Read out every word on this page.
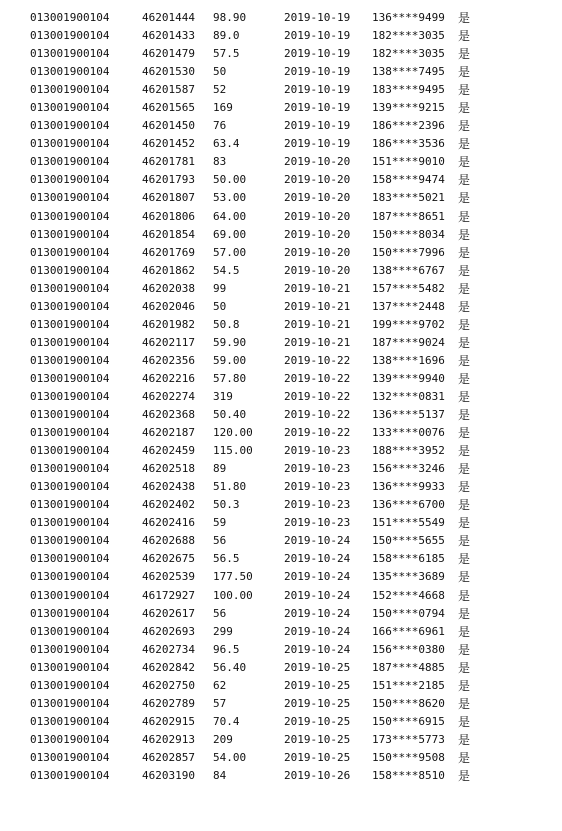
013001900104	46201444 98.90	2019-10-19 136****9499 是
013001900104	46201433 89.0	2019-10-19 182****3035 是
013001900104	46201479 57.5	2019-10-19 182****3035 是
013001900104	46201530 50	2019-10-19 138****7495 是
013001900104	46201587 52	2019-10-19 183****9495 是
013001900104	46201565 169	2019-10-19 139****9215 是
013001900104	46201450 76	2019-10-19 186****2396 是
013001900104	46201452 63.4	2019-10-19 186****3536 是
013001900104	46201781 83	2019-10-20 151****9010 是
013001900104	46201793 50.00	2019-10-20 158****9474 是
013001900104	46201807 53.00	2019-10-20 183****5021 是
013001900104	46201806 64.00	2019-10-20 187****8651 是
013001900104	46201854 69.00	2019-10-20 150****8034 是
013001900104	46201769 57.00	2019-10-20 150****7996 是
013001900104	46201862 54.5	2019-10-20 138****6767 是
013001900104	46202038 99	2019-10-21 157****5482 是
013001900104	46202046 50	2019-10-21 137****2448 是
013001900104	46201982 50.8	2019-10-21 199****9702 是
013001900104	46202117 59.90	2019-10-21 187****9024 是
013001900104	46202356 59.00	2019-10-22 138****1696 是
013001900104	46202216 57.80	2019-10-22 139****9940 是
013001900104	46202274 319	2019-10-22 132****0831 是
013001900104	46202368 50.40	2019-10-22 136****5137 是
013001900104	46202187 120.00	2019-10-22 133****0076 是
013001900104	46202459 115.00	2019-10-23 188****3952 是
013001900104	46202518 89	2019-10-23 156****3246 是
013001900104	46202438 51.80	2019-10-23 136****9933 是
013001900104	46202402 50.3	2019-10-23 136****6700 是
013001900104	46202416 59	2019-10-23 151****5549 是
013001900104	46202688 56	2019-10-24 150****5655 是
013001900104	46202675 56.5	2019-10-24 158****6185 是
013001900104	46202539 177.50	2019-10-24 135****3689 是
013001900104	46172927 100.00	2019-10-24 152****4668 是
013001900104	46202617 56	2019-10-24 150****0794 是
013001900104	46202693 299	2019-10-24 166****6961 是
013001900104	46202734 96.5	2019-10-24 156****0380 是
013001900104	46202842 56.40	2019-10-25 187****4885 是
013001900104	46202750 62	2019-10-25 151****2185 是
013001900104	46202789 57	2019-10-25 150****8620 是
013001900104	46202915 70.4	2019-10-25 150****6915 是
013001900104	46202913 209	2019-10-25 173****5773 是
013001900104	46202857 54.00	2019-10-25 150****9508 是
013001900104	46203190 84	2019-10-26 158****8510 是
